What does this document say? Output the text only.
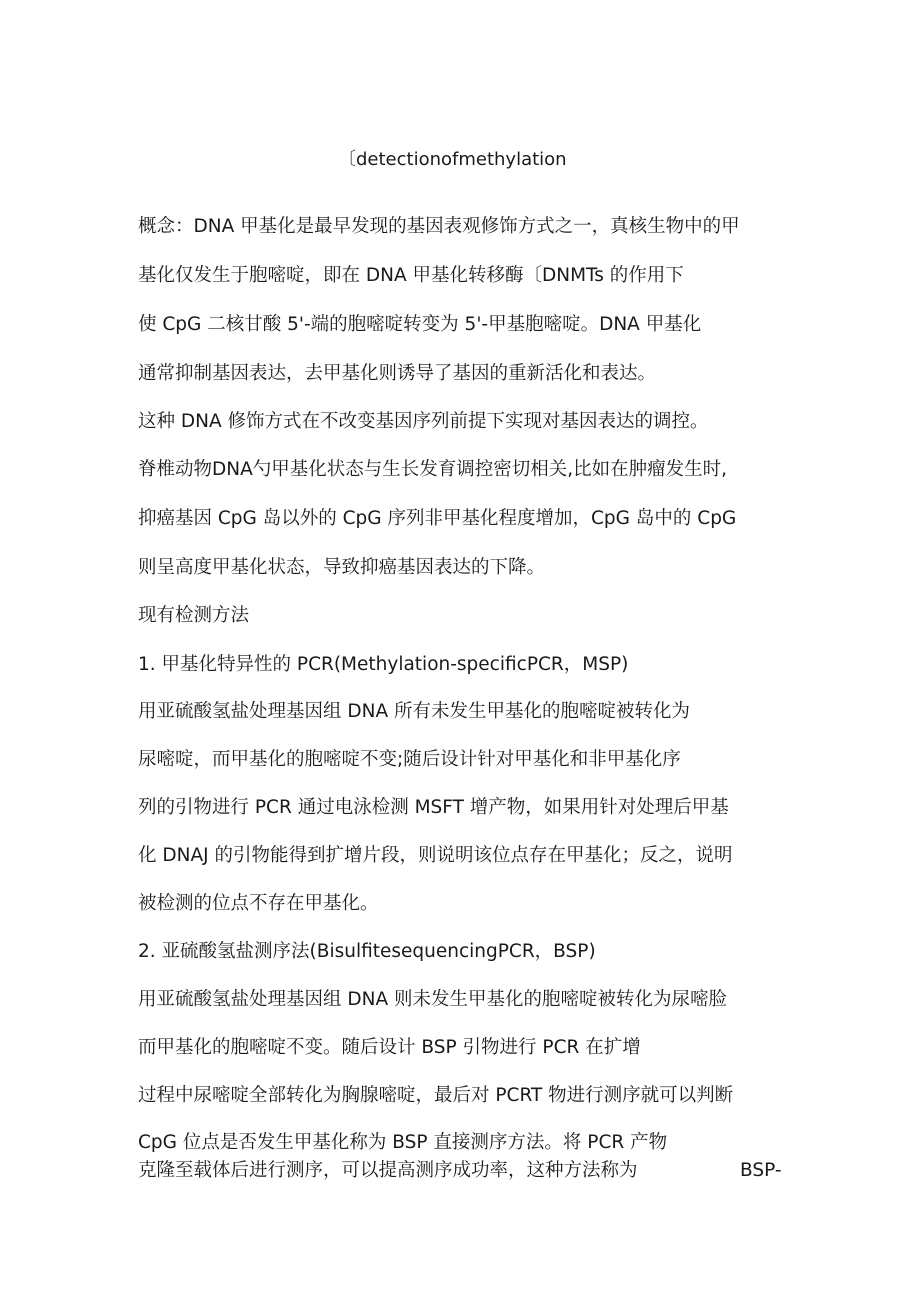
〔detectionofmethylation
概念：DNA 甲基化是最早发现的基因表观修饰方式之一，真核生物中的甲
基化仅发生于胞嘧啶，即在 DNA 甲基化转移酶〔DNMTs 的作用下
使 CpG 二核甘酸 5'-端的胞嘧啶转变为 5'-甲基胞嘧啶。DNA 甲基化
通常抑制基因表达，去甲基化则诱导了基因的重新活化和表达。
这种 DNA 修饰方式在不改变基因序列前提下实现对基因表达的调控。
脊椎动物DNA勺甲基化状态与生长发育调控密切相关,比如在肿瘤发生时,
抑癌基因 CpG 岛以外的 CpG 序列非甲基化程度增加，CpG 岛中的 CpG
则呈高度甲基化状态，导致抑癌基因表达的下降。
现有检测方法
1. 甲基化特异性的 PCR(Methylation-specificPCR，MSP)
用亚硫酸氢盐处理基因组 DNA 所有未发生甲基化的胞嘧啶被转化为
尿嘧啶，而甲基化的胞嘧啶不变;随后设计针对甲基化和非甲基化序
列的引物进行 PCR 通过电泳检测 MSFT 增产物，如果用针对处理后甲基
化 DNAJ 的引物能得到扩增片段，则说明该位点存在甲基化；反之，说明
被检测的位点不存在甲基化。
2. 亚硫酸氢盐测序法(BisulfitesequencingPCR，BSP)
用亚硫酸氢盐处理基因组 DNA 则未发生甲基化的胞嘧啶被转化为尿嘧脸
而甲基化的胞嘧啶不变。随后设计 BSP 引物进行 PCR 在扩增
过程中尿嘧啶全部转化为胸腺嘧啶，最后对 PCRT 物进行测序就可以判断
CpG 位点是否发生甲基化称为 BSP 直接测序方法。将 PCR 产物
克隆至载体后进行测序，可以提高测序成功率，这种方法称为	BSP-
